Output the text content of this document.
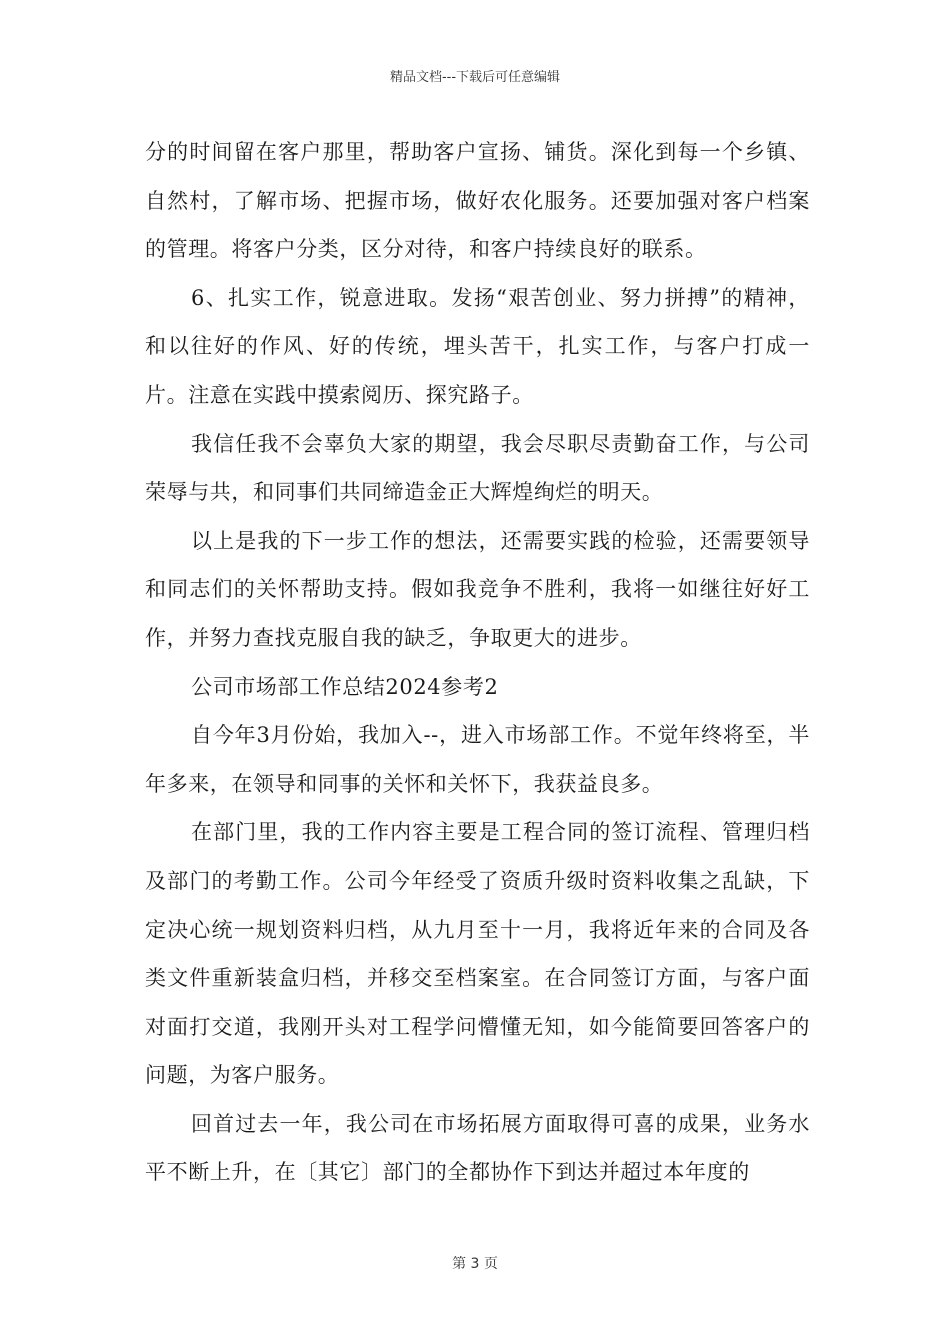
精品文档---下载后可任意编辑

分的时间留在客户那里，帮助客户宣扬、铺货。深化到每一个乡镇、自然村，了解市场、把握市场，做好农化服务。还要加强对客户档案的管理。将客户分类，区分对待，和客户持续良好的联系。

6、扎实工作，锐意进取。发扬“艰苦创业、努力拼搏”的精神，和以往好的作风、好的传统，埋头苦干，扎实工作，与客户打成一片。注意在实践中摸索阅历、探究路子。

我信任我不会辜负大家的期望，我会尽职尽责勤奋工作，与公司荣辱与共，和同事们共同缔造金正大辉煌绚烂的明天。

以上是我的下一步工作的想法，还需要实践的检验，还需要领导和同志们的关怀帮助支持。假如我竞争不胜利，我将一如继往好好工作，并努力查找克服自我的缺乏，争取更大的进步。

公司市场部工作总结2024参考2

自今年3月份始，我加入--，进入市场部工作。不觉年终将至，半年多来，在领导和同事的关怀和关怀下，我获益良多。

在部门里，我的工作内容主要是工程合同的签订流程、管理归档及部门的考勤工作。公司今年经受了资质升级时资料收集之乱缺，下定决心统一规划资料归档，从九月至十一月，我将近年来的合同及各类文件重新装盒归档，并移交至档案室。在合同签订方面，与客户面对面打交道，我刚开头对工程学问懵懂无知，如今能简要回答客户的问题，为客户服务。

回首过去一年，我公司在市场拓展方面取得可喜的成果，业务水平不断上升，在〔其它〕部门的全都协作下到达并超过本年度的

第 3 页
